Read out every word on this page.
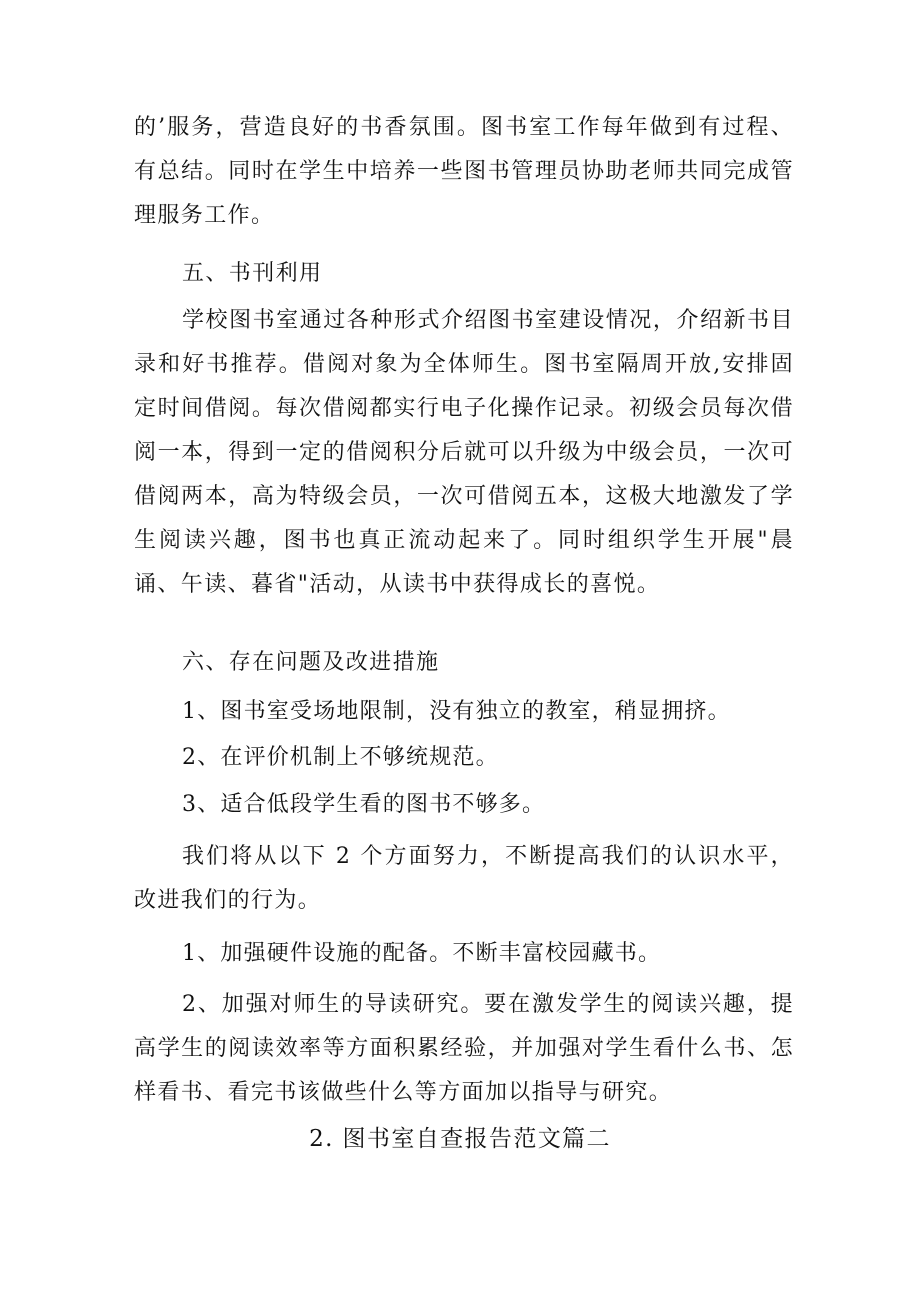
的’服务，营造良好的书香氛围。图书室工作每年做到有过程、有总结。同时在学生中培养一些图书管理员协助老师共同完成管理服务工作。

五、书刊利用

学校图书室通过各种形式介绍图书室建设情况，介绍新书目录和好书推荐。借阅对象为全体师生。图书室隔周开放,安排固定时间借阅。每次借阅都实行电子化操作记录。初级会员每次借阅一本，得到一定的借阅积分后就可以升级为中级会员，一次可借阅两本，高为特级会员，一次可借阅五本，这极大地激发了学生阅读兴趣，图书也真正流动起来了。同时组织学生开展"晨诵、午读、暮省"活动，从读书中获得成长的喜悦。

六、存在问题及改进措施

1、图书室受场地限制，没有独立的教室，稍显拥挤。

2、在评价机制上不够统规范。

3、适合低段学生看的图书不够多。

我们将从以下 2 个方面努力，不断提高我们的认识水平，改进我们的行为。

1、加强硬件设施的配备。不断丰富校园藏书。

2、加强对师生的导读研究。要在激发学生的阅读兴趣，提高学生的阅读效率等方面积累经验，并加强对学生看什么书、怎样看书、看完书该做些什么等方面加以指导与研究。

2. 图书室自查报告范文篇二
